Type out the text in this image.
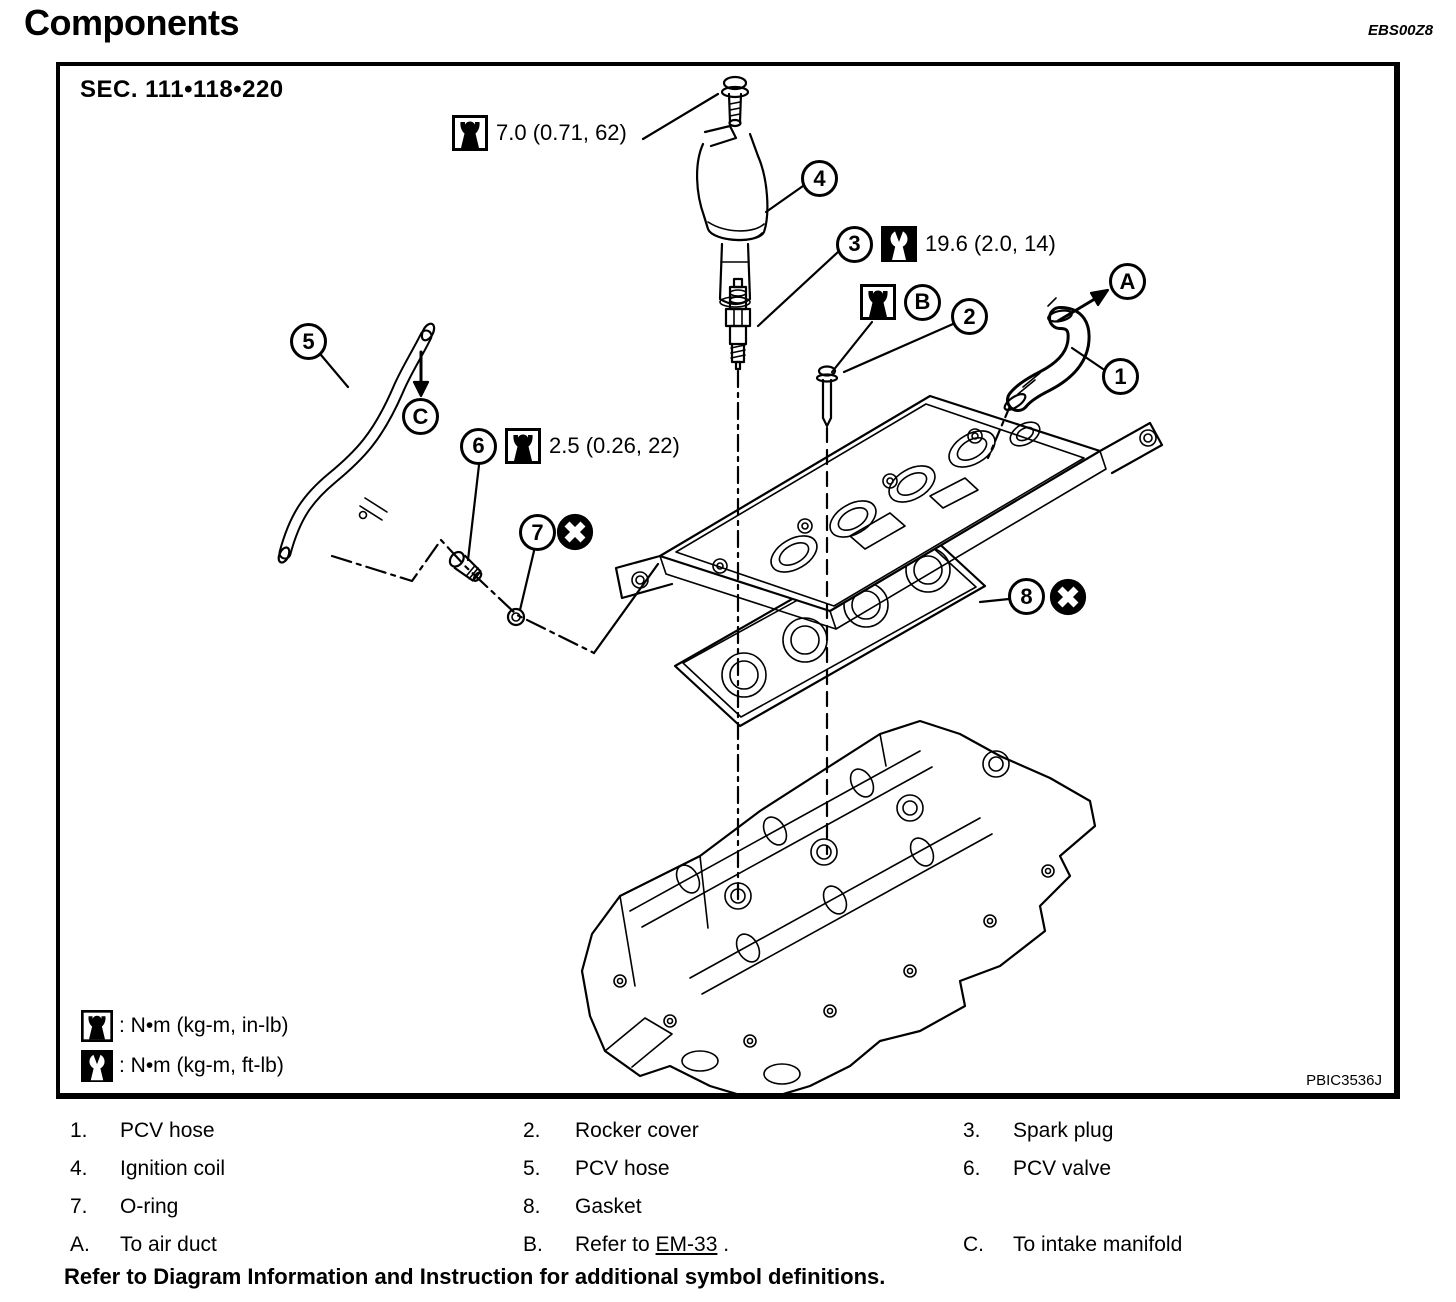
Components	EBS00Z8
SEC. 111•118•220
7.0 (0.71, 62)
3	19.6 (2.0, 14)
B
6	2.5 (0.26, 22)
1
2
4
5
7
8
A
C
: N•m (kg-m, in-lb)
: N•m (kg-m, ft-lb)
PBIC3536J
1. PCV hose	2. Rocker cover	3. Spark plug
4. Ignition coil	5. PCV hose	6. PCV valve
7. O-ring	8. Gasket
A. To air duct	B. Refer to EM-33 .	C. To intake manifold
Refer to Diagram Information and Instruction for additional symbol definitions.
